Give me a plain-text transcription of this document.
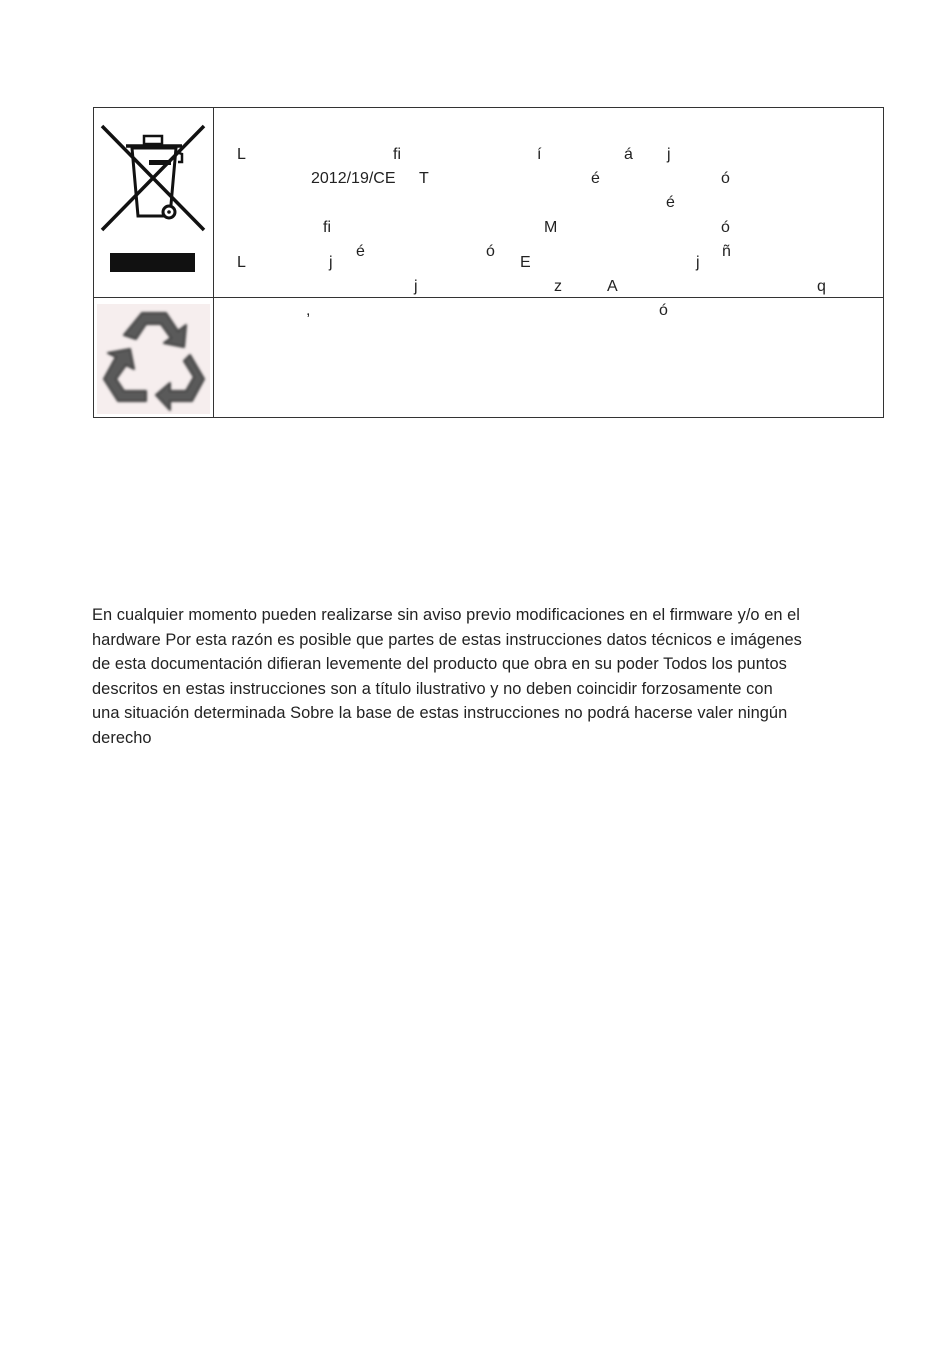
L	ﬁ	í	á j
2012/19/CE T	é	ó
é
ﬁ	M	ó
é	ó	ñ
L	j	E	j
j	z	A	q
,	ó
En cualquier momento pueden realizarse sin aviso previo modiﬁcaciones en el ﬁrmware y/o en el
hardware Por esta razón es posible que partes de estas instrucciones datos técnicos e imágenes
de esta documentación diﬁeran levemente del producto que obra en su poder Todos los puntos
descritos en estas instrucciones son a título ilustrativo y no deben coincidir forzosamente con
una situación determinada Sobre la base de estas instrucciones no podrá hacerse valer ningún
derecho
